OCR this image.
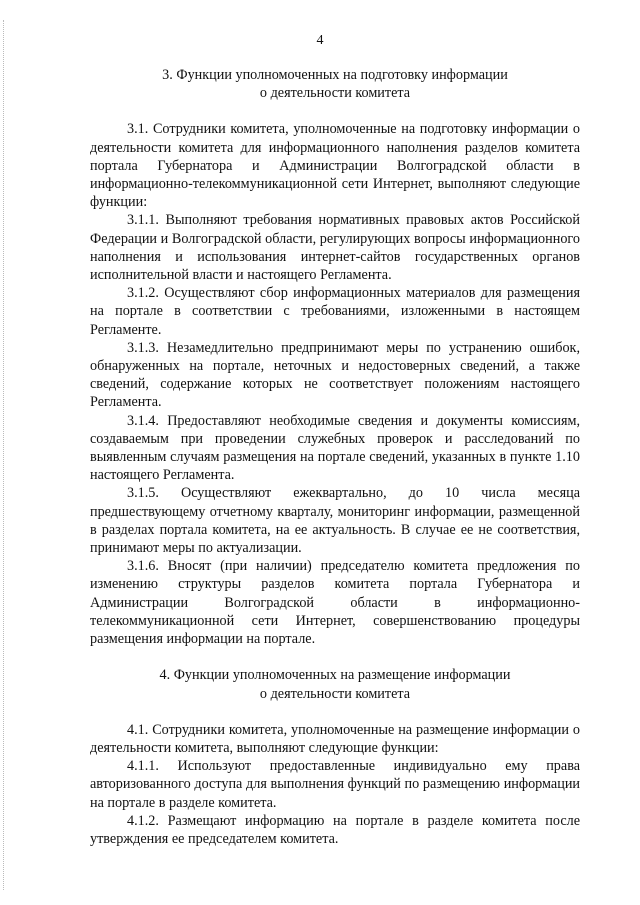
4
3. Функции уполномоченных на подготовку информации
о деятельности комитета

3.1. Сотрудники комитета, уполномоченные на подготовку информации о деятельности комитета для информационного наполнения разделов комитета портала Губернатора и Администрации Волгоградской области в информационно-телекоммуникационной сети Интернет, выполняют следующие функции:

3.1.1. Выполняют требования нормативных правовых актов Российской Федерации и Волгоградской области, регулирующих вопросы информационного наполнения и использования интернет-сайтов государственных органов исполнительной власти и настоящего Регламента.

3.1.2. Осуществляют сбор информационных материалов для размещения на портале в соответствии с требованиями, изложенными в настоящем Регламенте.

3.1.3. Незамедлительно предпринимают меры по устранению ошибок, обнаруженных на портале, неточных и недостоверных сведений, а также сведений, содержание которых не соответствует положениям настоящего Регламента.

3.1.4. Предоставляют необходимые сведения и документы комиссиям, создаваемым при проведении служебных проверок и расследований по выявленным случаям размещения на портале сведений, указанных в пункте 1.10 настоящего Регламента.

3.1.5. Осуществляют ежеквартально, до 10 числа месяца предшествующему отчетному кварталу, мониторинг информации, размещенной в разделах портала комитета, на ее актуальность. В случае ее не соответствия, принимают меры по актуализации.

3.1.6. Вносят (при наличии) председателю комитета предложения по изменению структуры разделов комитета портала Губернатора и Администрации Волгоградской области в информационно-телекоммуникационной сети Интернет, совершенствованию процедуры размещения информации на портале.

4. Функции уполномоченных на размещение информации
о деятельности комитета

4.1. Сотрудники комитета, уполномоченные на размещение информации о деятельности комитета, выполняют следующие функции:

4.1.1. Используют предоставленные индивидуально ему права авторизованного доступа для выполнения функций по размещению информации на портале в разделе комитета.

4.1.2. Размещают информацию на портале в разделе комитета после утверждения ее председателем комитета.
